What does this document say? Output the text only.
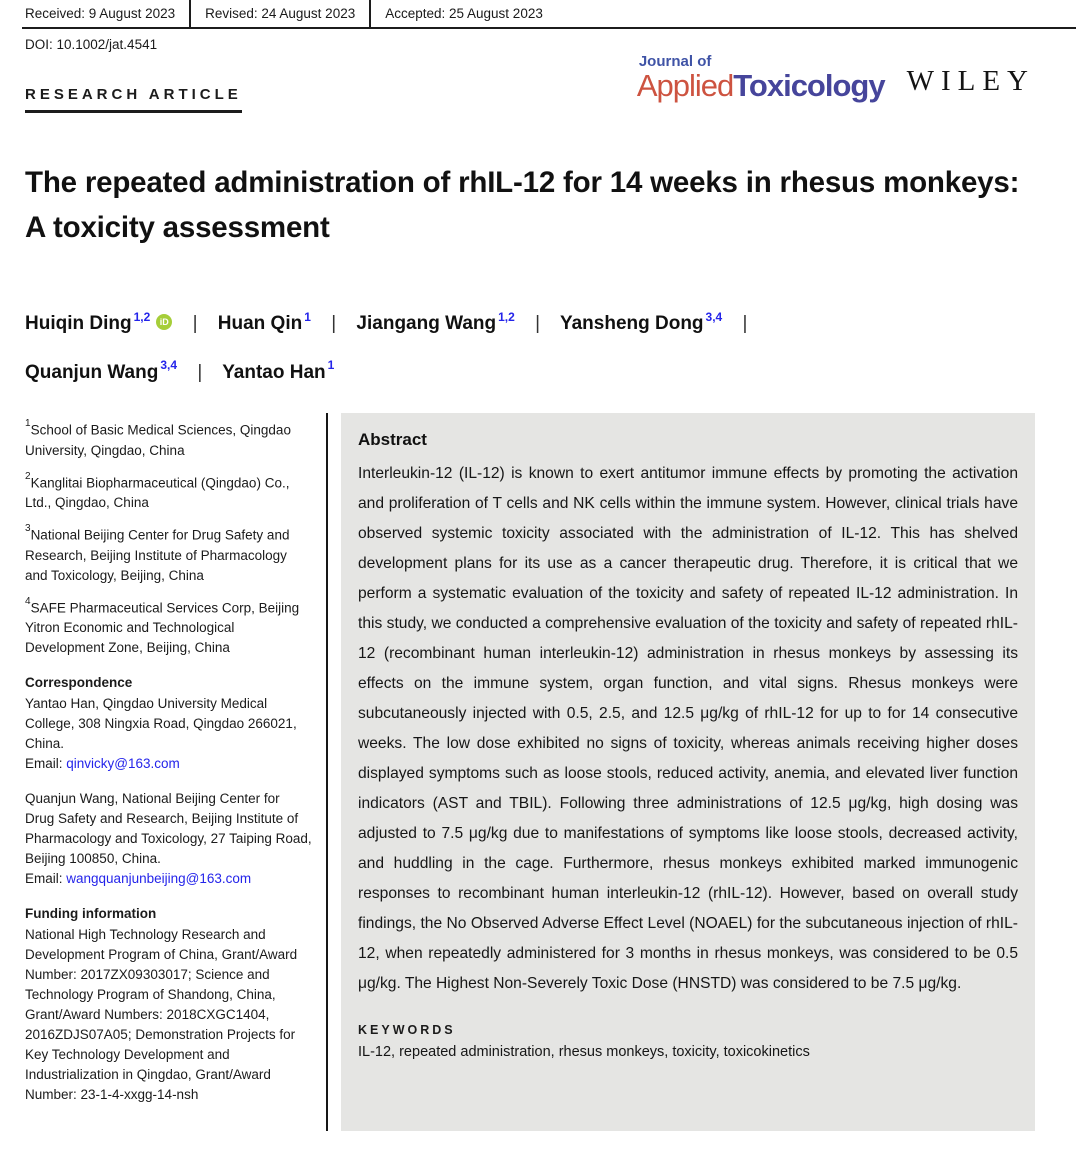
Received: 9 August 2023	Revised: 24 August 2023	Accepted: 25 August 2023
DOI: 10.1002/jat.4541
Journal of
AppliedToxicology WILEY
RESEARCH ARTICLE
The repeated administration of rhIL-12 for 14 weeks in rhesus monkeys: A toxicity assessment
Huiqin Ding $^{1,2}$ iD | Huan Qin $^1$ | Jiangang Wang $^{1,2}$ | Yansheng Dong $^{3,4}$ |
Quanjun Wang $^{3,4}$ | Yantao Han $^1$
$^1$School of Basic Medical Sciences, Qingdao University, Qingdao, China
$^2$Kanglitai Biopharmaceutical (Qingdao) Co., Ltd., Qingdao, China
$^3$National Beijing Center for Drug Safety and Research, Beijing Institute of Pharmacology and Toxicology, Beijing, China
$^4$SAFE Pharmaceutical Services Corp, Beijing Yitron Economic and Technological Development Zone, Beijing, China
Correspondence
Yantao Han, Qingdao University Medical College, 308 Ningxia Road, Qingdao 266021, China.
Email: qinvicky@163.com
Quanjun Wang, National Beijing Center for Drug Safety and Research, Beijing Institute of Pharmacology and Toxicology, 27 Taiping Road, Beijing 100850, China.
Email: wangquanjunbeijing@163.com
Funding information
National High Technology Research and Development Program of China, Grant/Award Number: 2017ZX09303017; Science and Technology Program of Shandong, China, Grant/Award Numbers: 2018CXGC1404, 2016ZDJS07A05; Demonstration Projects for Key Technology Development and Industrialization in Qingdao, Grant/Award Number: 23-1-4-xxgg-14-nsh
Abstract

Interleukin-12 (IL-12) is known to exert antitumor immune effects by promoting the activation and proliferation of T cells and NK cells within the immune system. However, clinical trials have observed systemic toxicity associated with the administration of IL-12. This has shelved development plans for its use as a cancer therapeutic drug. Therefore, it is critical that we perform a systematic evaluation of the toxicity and safety of repeated IL-12 administration. In this study, we conducted a comprehensive evaluation of the toxicity and safety of repeated rhIL-12 (recombinant human interleukin-12) administration in rhesus monkeys by assessing its effects on the immune system, organ function, and vital signs. Rhesus monkeys were subcutaneously injected with 0.5, 2.5, and 12.5 μg/kg of rhIL-12 for up to for 14 consecutive weeks. The low dose exhibited no signs of toxicity, whereas animals receiving higher doses displayed symptoms such as loose stools, reduced activity, anemia, and elevated liver function indicators (AST and TBIL). Following three administrations of 12.5 μg/kg, high dosing was adjusted to 7.5 μg/kg due to manifestations of symptoms like loose stools, decreased activity, and huddling in the cage. Furthermore, rhesus monkeys exhibited marked immunogenic responses to recombinant human interleukin-12 (rhIL-12). However, based on overall study findings, the No Observed Adverse Effect Level (NOAEL) for the subcutaneous injection of rhIL-12, when repeatedly administered for 3 months in rhesus monkeys, was considered to be 0.5 μg/kg. The Highest Non-Severely Toxic Dose (HNSTD) was considered to be 7.5 μg/kg.

KEYWORDS
IL-12, repeated administration, rhesus monkeys, toxicity, toxicokinetics
